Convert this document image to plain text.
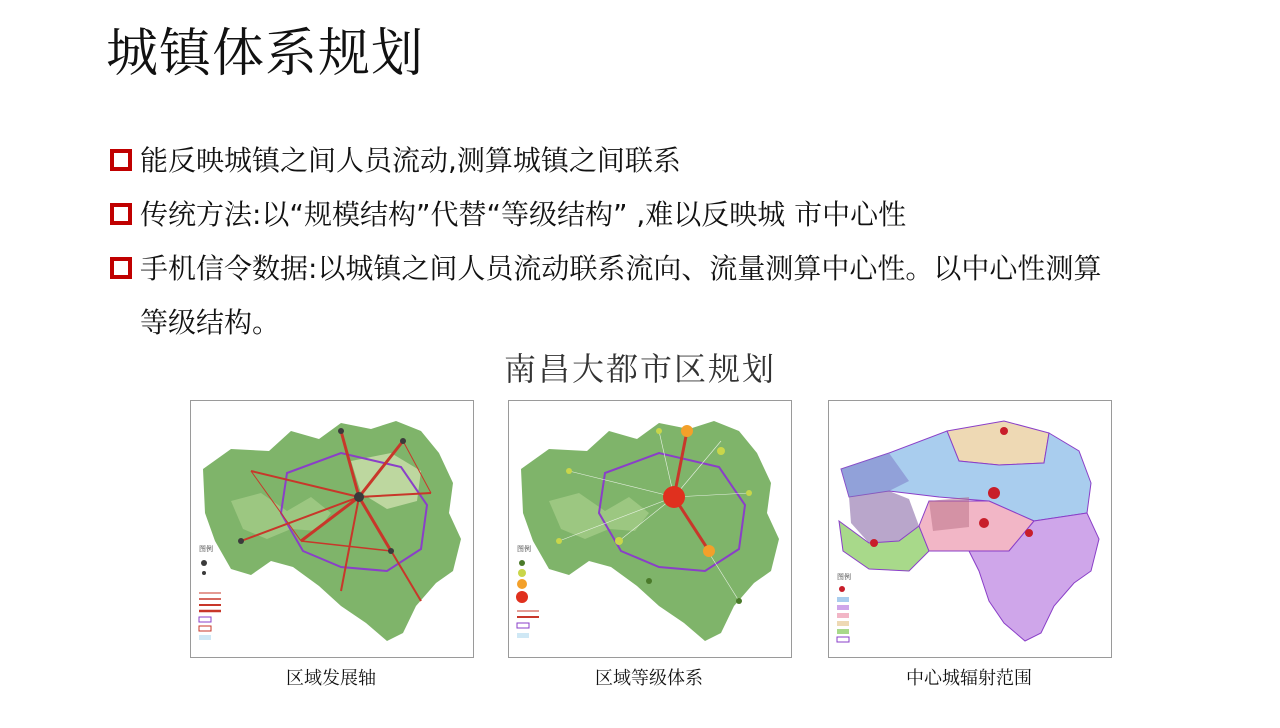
城镇体系规划
能反映城镇之间人员流动,测算城镇之间联系
传统方法:以“规模结构”代替“等级结构” ,难以反映城 市中心性
手机信令数据:以城镇之间人员流动联系流向、流量测算中心性。以中心性测算
等级结构。
南昌大都市区规划
图例
区域发展轴
图例
区域等级体系
图例
中心城辐射范围
